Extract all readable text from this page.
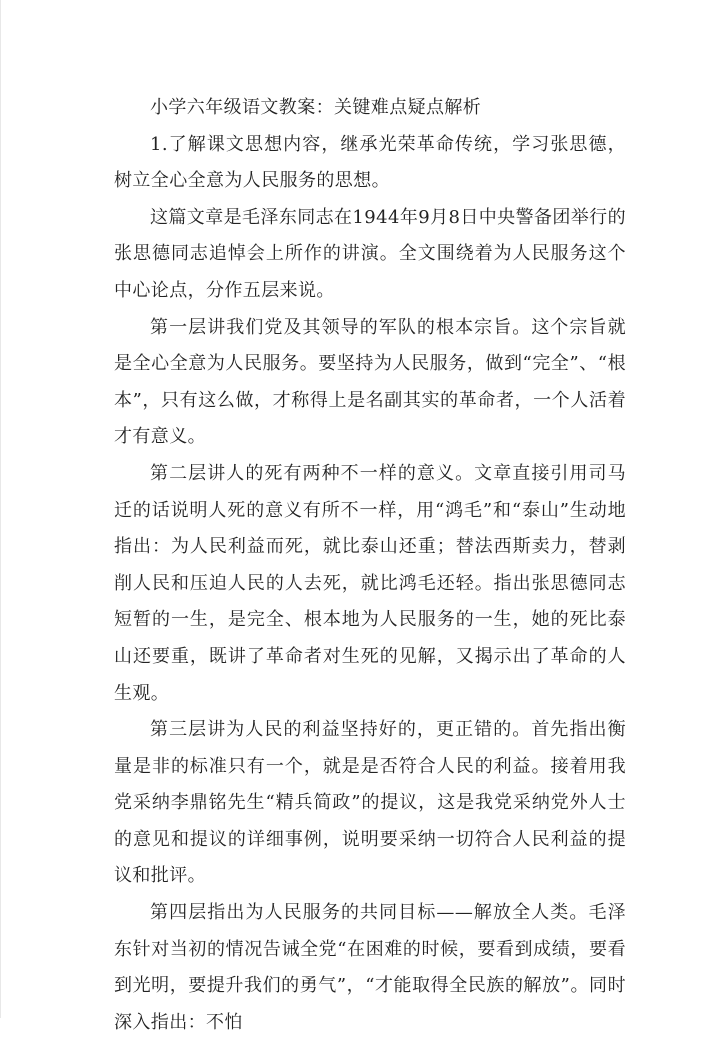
小学六年级语文教案：关键难点疑点解析

1.了解课文思想内容，继承光荣革命传统，学习张思德，树立全心全意为人民服务的思想。

这篇文章是毛泽东同志在1944年9月8日中央警备团举行的张思德同志追悼会上所作的讲演。全文围绕着为人民服务这个中心论点，分作五层来说。

第一层讲我们党及其领导的军队的根本宗旨。这个宗旨就是全心全意为人民服务。要坚持为人民服务，做到“完全”、“根本”，只有这么做，才称得上是名副其实的革命者，一个人活着才有意义。

第二层讲人的死有两种不一样的意义。文章直接引用司马迁的话说明人死的意义有所不一样，用“鸿毛”和“泰山”生动地指出：为人民利益而死，就比泰山还重；替法西斯卖力，替剥削人民和压迫人民的人去死，就比鸿毛还轻。指出张思德同志短暂的一生，是完全、根本地为人民服务的一生，她的死比泰山还要重，既讲了革命者对生死的见解，又揭示出了革命的人生观。

第三层讲为人民的利益坚持好的，更正错的。首先指出衡量是非的标准只有一个，就是是否符合人民的利益。接着用我党采纳李鼎铭先生“精兵简政”的提议，这是我党采纳党外人士的意见和提议的详细事例，说明要采纳一切符合人民利益的提议和批评。

第四层指出为人民服务的共同目标——解放全人类。毛泽东针对当初的情况告诫全党“在困难的时候，要看到成绩，要看到光明，要提升我们的勇气”，“才能取得全民族的解放”。同时深入指出：不怕
